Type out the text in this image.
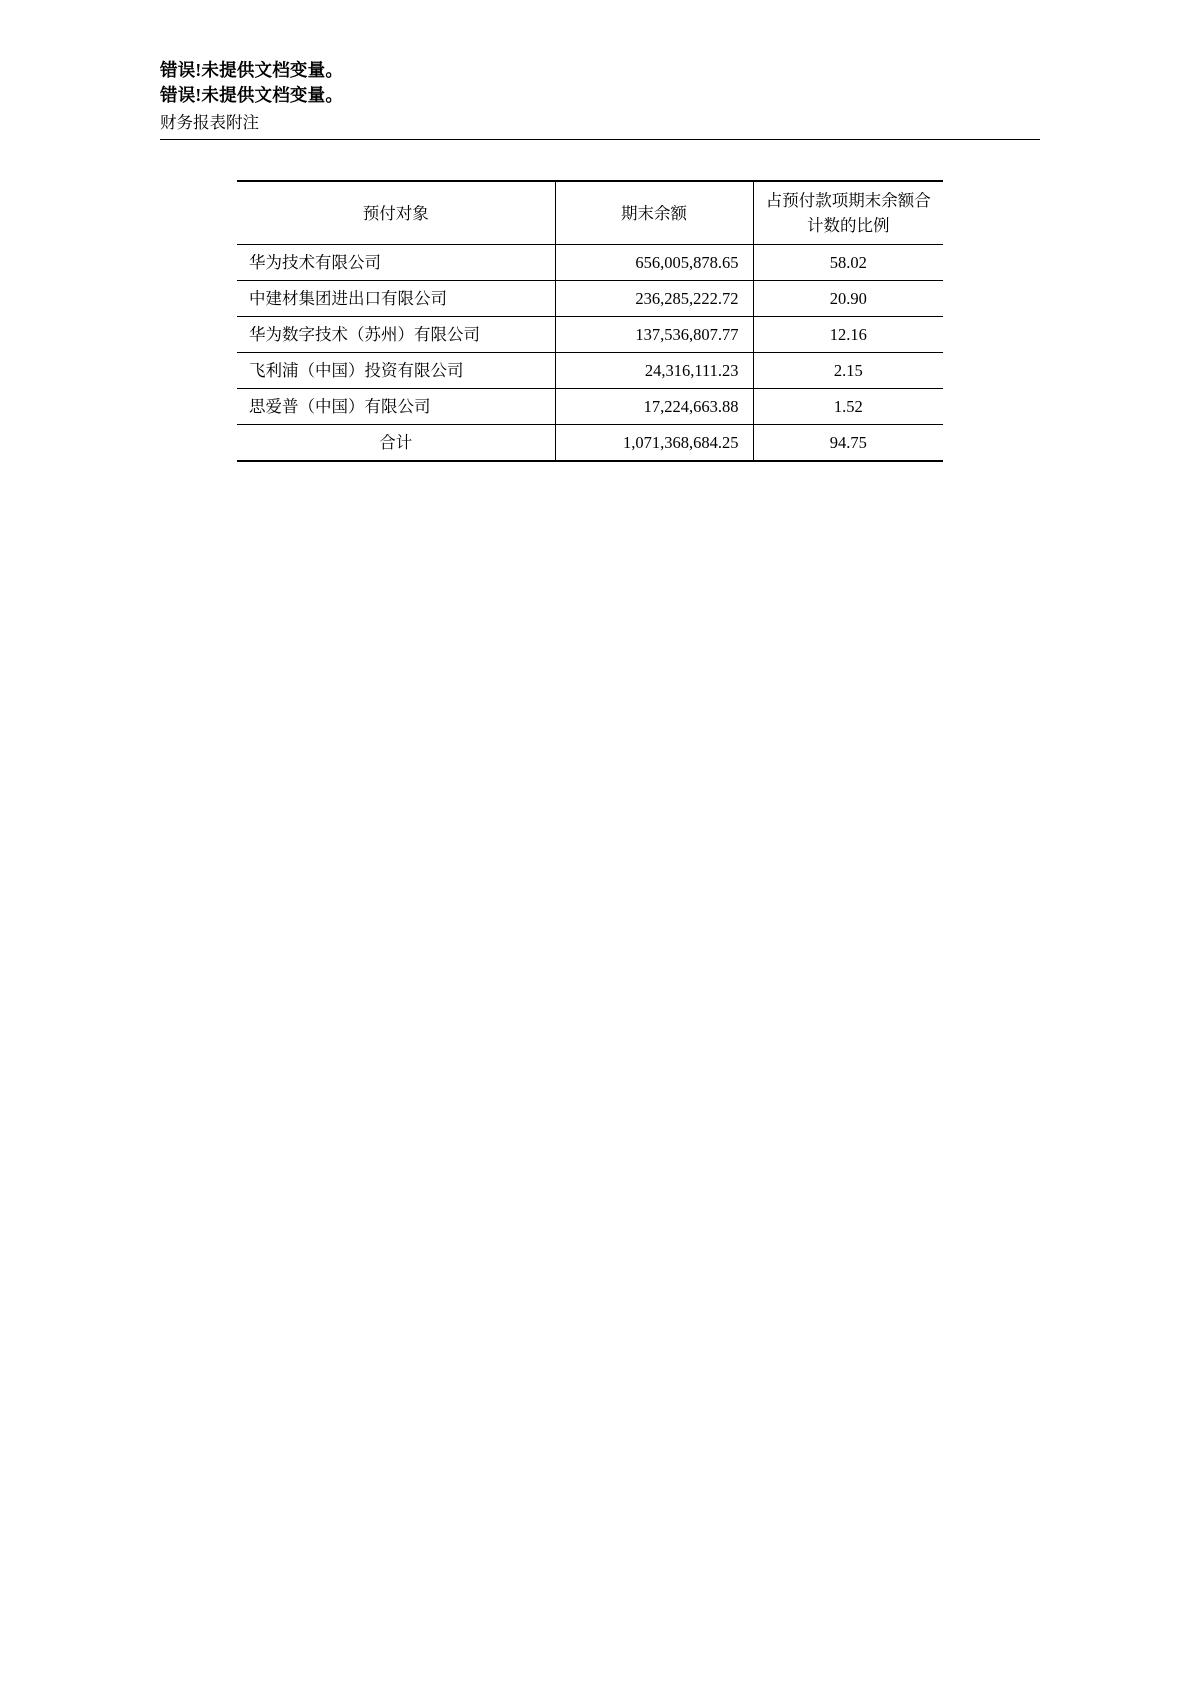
错误!未提供文档变量。
错误!未提供文档变量。
财务报表附注
预付对象	期末余额	占预付款项期末余额合
计数的比例

华为技术有限公司	656,005,878.65	58.02
中建材集团进出口有限公司	236,285,222.72	20.90
华为数字技术（苏州）有限公司	137,536,807.77	12.16
飞利浦（中国）投资有限公司	24,316,111.23	2.15
思爱普（中国）有限公司	17,224,663.88	1.52
合计	1,071,368,684.25	94.75
